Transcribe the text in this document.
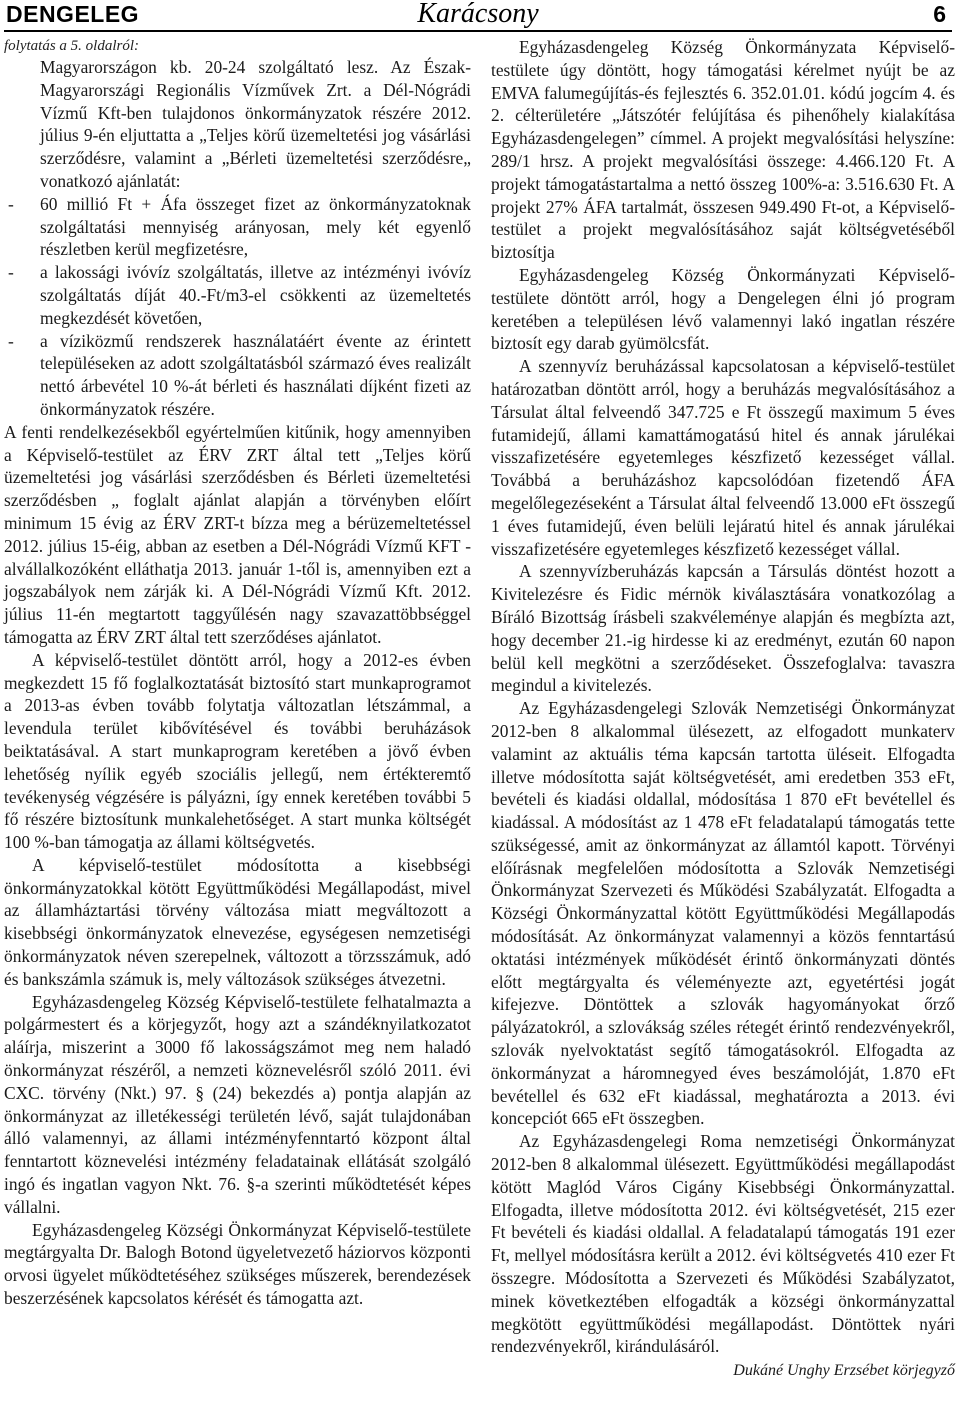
DENGELEG	Karácsony	6

folytatás a 5. oldalról:

Magyarországon kb. 20-24 szolgáltató lesz. Az Észak-Magyarországi Regionális Vízművek Zrt. a Dél-Nógrádi Vízmű Kft-ben tulajdonos önkormányzatok részére 2012. július 9-én eljuttatta a „Teljes körű üzemeltetési jog vásárlási szerződésre, valamint a „Bérleti üzemeltetési szerződésre„ vonatkozó ajánlatát:

- 60 millió Ft + Áfa összeget fizet az önkormányzatoknak szolgáltatási mennyiség arányosan, mely két egyenlő részletben kerül megfizetésre,
- a lakossági ivóvíz szolgáltatás, illetve az intézményi ivóvíz szolgáltatás díját 40.-Ft/m3-el csökkenti az üzemeltetés megkezdését követően,
- a víziközmű rendszerek használatáért évente az érintett településeken az adott szolgáltatásból származó éves realizált nettó árbevétel 10 %-át bérleti és használati díjként fizeti az önkormányzatok részére.

A fenti rendelkezésekből egyértelműen kitűnik, hogy amennyiben a Képviselő-testület az ÉRV ZRT által tett „Teljes körű üzemeltetési jog vásárlási szerződésben és Bérleti üzemeltetési szerződésben „ foglalt ajánlat alapján a törvényben előírt minimum 15 évig az ÉRV ZRT-t bízza meg a bérüzemeltetéssel 2012. július 15-éig, abban az esetben a Dél-Nógrádi Vízmű KFT - alvállalkozóként elláthatja 2013. január 1-től is, amennyiben ezt a jogszabályok nem zárják ki. A Dél-Nógrádi Vízmű Kft. 2012. július 11-én megtartott taggyűlésén nagy szavazattöbbséggel támogatta az ÉRV ZRT által tett szerződéses ajánlatot.

A képviselő-testület döntött arról, hogy a 2012-es évben megkezdett 15 fő foglalkoztatását biztosító start munkaprogramot a 2013-as évben tovább folytatja változatlan létszámmal, a levendula terület kibővítésével és további beruházások beiktatásával. A start munkaprogram keretében a jövő évben lehetőség nyílik egyéb szociális jellegű, nem értékteremtő tevékenység végzésére is pályázni, így ennek keretében további 5 fő részére biztosítunk munkalehetőséget. A start munka költségét 100 %-ban támogatja az állami költségvetés.

A képviselő-testület módosította a kisebbségi önkormányzatokkal kötött Együttműködési Megállapodást, mivel az államháztartási törvény változása miatt megváltozott a kisebbségi önkormányzatok elnevezése, egységesen nemzetiségi önkormányzatok néven szerepelnek, változott a törzsszámuk, adó és bankszámla számuk is, mely változások szükséges átvezetni.

Egyházasdengeleg Község Képviselő-testülete felhatalmazta a polgármestert és a körjegyzőt, hogy azt a szándéknyilatkozatot aláírja, miszerint a 3000 fő lakosságszámot meg nem haladó önkormányzat részéről, a nemzeti köznevelésről szóló 2011. évi CXC. törvény (Nkt.) 97. § (24) bekezdés a) pontja alapján az önkormányzat az illetékességi területén lévő, saját tulajdonában álló valamennyi, az állami intézményfenntartó központ által fenntartott köznevelési intézmény feladatainak ellátását szolgáló ingó és ingatlan vagyon Nkt. 76. §-a szerinti működtetését képes vállalni.

Egyházasdengeleg Községi Önkormányzat Képviselő-testülete megtárgyalta Dr. Balogh Botond ügyeletvezető háziorvos központi orvosi ügyelet működtetéséhez szükséges műszerek, berendezések beszerzésének kapcsolatos kérését és támogatta azt.

Egyházasdengeleg Község Önkormányzata Képviselő-testülete úgy döntött, hogy támogatási kérelmet nyújt be az EMVA falumegújítás-és fejlesztés 6. 352.01.01. kódú jogcím 4. és 2. célterületére „Játszótér felújítása és pihenőhely kialakítása Egyházasdengelegen” címmel. A projekt megvalósítási helyszíne: 289/1 hrsz. A projekt megvalósítási összege: 4.466.120 Ft. A projekt támogatástartalma a nettó összeg 100%-a: 3.516.630 Ft. A projekt 27% ÁFA tartalmát, összesen 949.490 Ft-ot, a Képviselő-testület a projekt megvalósításához saját költségvetéséből biztosítja

Egyházasdengeleg Község Önkormányzati Képviselő-testülete döntött arról, hogy a Dengelegen élni jó program keretében a településen lévő valamennyi lakó ingatlan részére biztosít egy darab gyümölcsfát.

A szennyvíz beruházással kapcsolatosan a képviselő-testület határozatban döntött arról, hogy a beruházás megvalósításához a Társulat által felveendő 347.725 e Ft összegű maximum 5 éves futamidejű, állami kamattámogatású hitel és annak járulékai visszafizetésére egyetemleges készfizető kezességet vállal. Továbbá a beruházáshoz kapcsolódóan fizetendő ÁFA megelőlegezéseként a Társulat által felveendő 13.000 eFt összegű 1 éves futamidejű, éven belüli lejáratú hitel és annak járulékai visszafizetésére egyetemleges készfizető kezességet vállal.

A szennyvízberuházás kapcsán a Társulás döntést hozott a Kivitelezésre és Fidic mérnök kiválasztására vonatkozólag a Bíráló Bizottság írásbeli szakvéleménye alapján és megbízta azt, hogy december 21.-ig hirdesse ki az eredményt, ezután 60 napon belül kell megkötni a szerződéseket. Összefoglalva: tavaszra megindul a kivitelezés.

Az Egyházasdengelegi Szlovák Nemzetiségi Önkormányzat 2012-ben 8 alkalommal ülésezett, az elfogadott munkaterv valamint az aktuális téma kapcsán tartotta üléseit. Elfogadta illetve módosította saját költségvetését, ami eredetben 353 eFt, bevételi és kiadási oldallal, módosítása 1 870 eFt bevétellel és kiadással. A módosítást az 1 478 eFt feladatalapú támogatás tette szükségessé, amit az önkormányzat az államtól kapott. Törvényi előírásnak megfelelően módosította a Szlovák Nemzetiségi Önkormányzat Szervezeti és Működési Szabályzatát. Elfogadta a Községi Önkormányzattal kötött Együttműködési Megállapodás módosítását. Az önkormányzat valamennyi a közös fenntartású oktatási intézmények működését érintő önkormányzati döntés előtt megtárgyalta és véleményezte azt, egyetértési jogát kifejezve. Döntöttek a szlovák hagyományokat őrző pályázatokról, a szlovákság széles rétegét érintő rendezvényekről, szlovák nyelvoktatást segítő támogatásokról. Elfogadta az önkormányzat a háromnegyed éves beszámolóját, 1.870 eFt bevétellel és 632 eFt kiadással, meghatározta a 2013. évi koncepciót 665 eFt összegben.

Az Egyházasdengelegi Roma nemzetiségi Önkormányzat 2012-ben 8 alkalommal ülésezett. Együttműködési megállapodást kötött Maglód Város Cigány Kisebbségi Önkormányzattal. Elfogadta, illetve módosította 2012. évi költségvetését, 215 ezer Ft bevételi és kiadási oldallal. A feladatalapú támogatás 191 ezer Ft, mellyel módosításra került a 2012. évi költségvetés 410 ezer Ft összegre. Módosította a Szervezeti és Működési Szabályzatot, minek következtében elfogadták a községi önkormányzattal megkötött együttműködési megállapodást. Döntöttek nyári rendezvényekről, kirándulásáról.

Dukáné Unghy Erzsébet körjegyző
